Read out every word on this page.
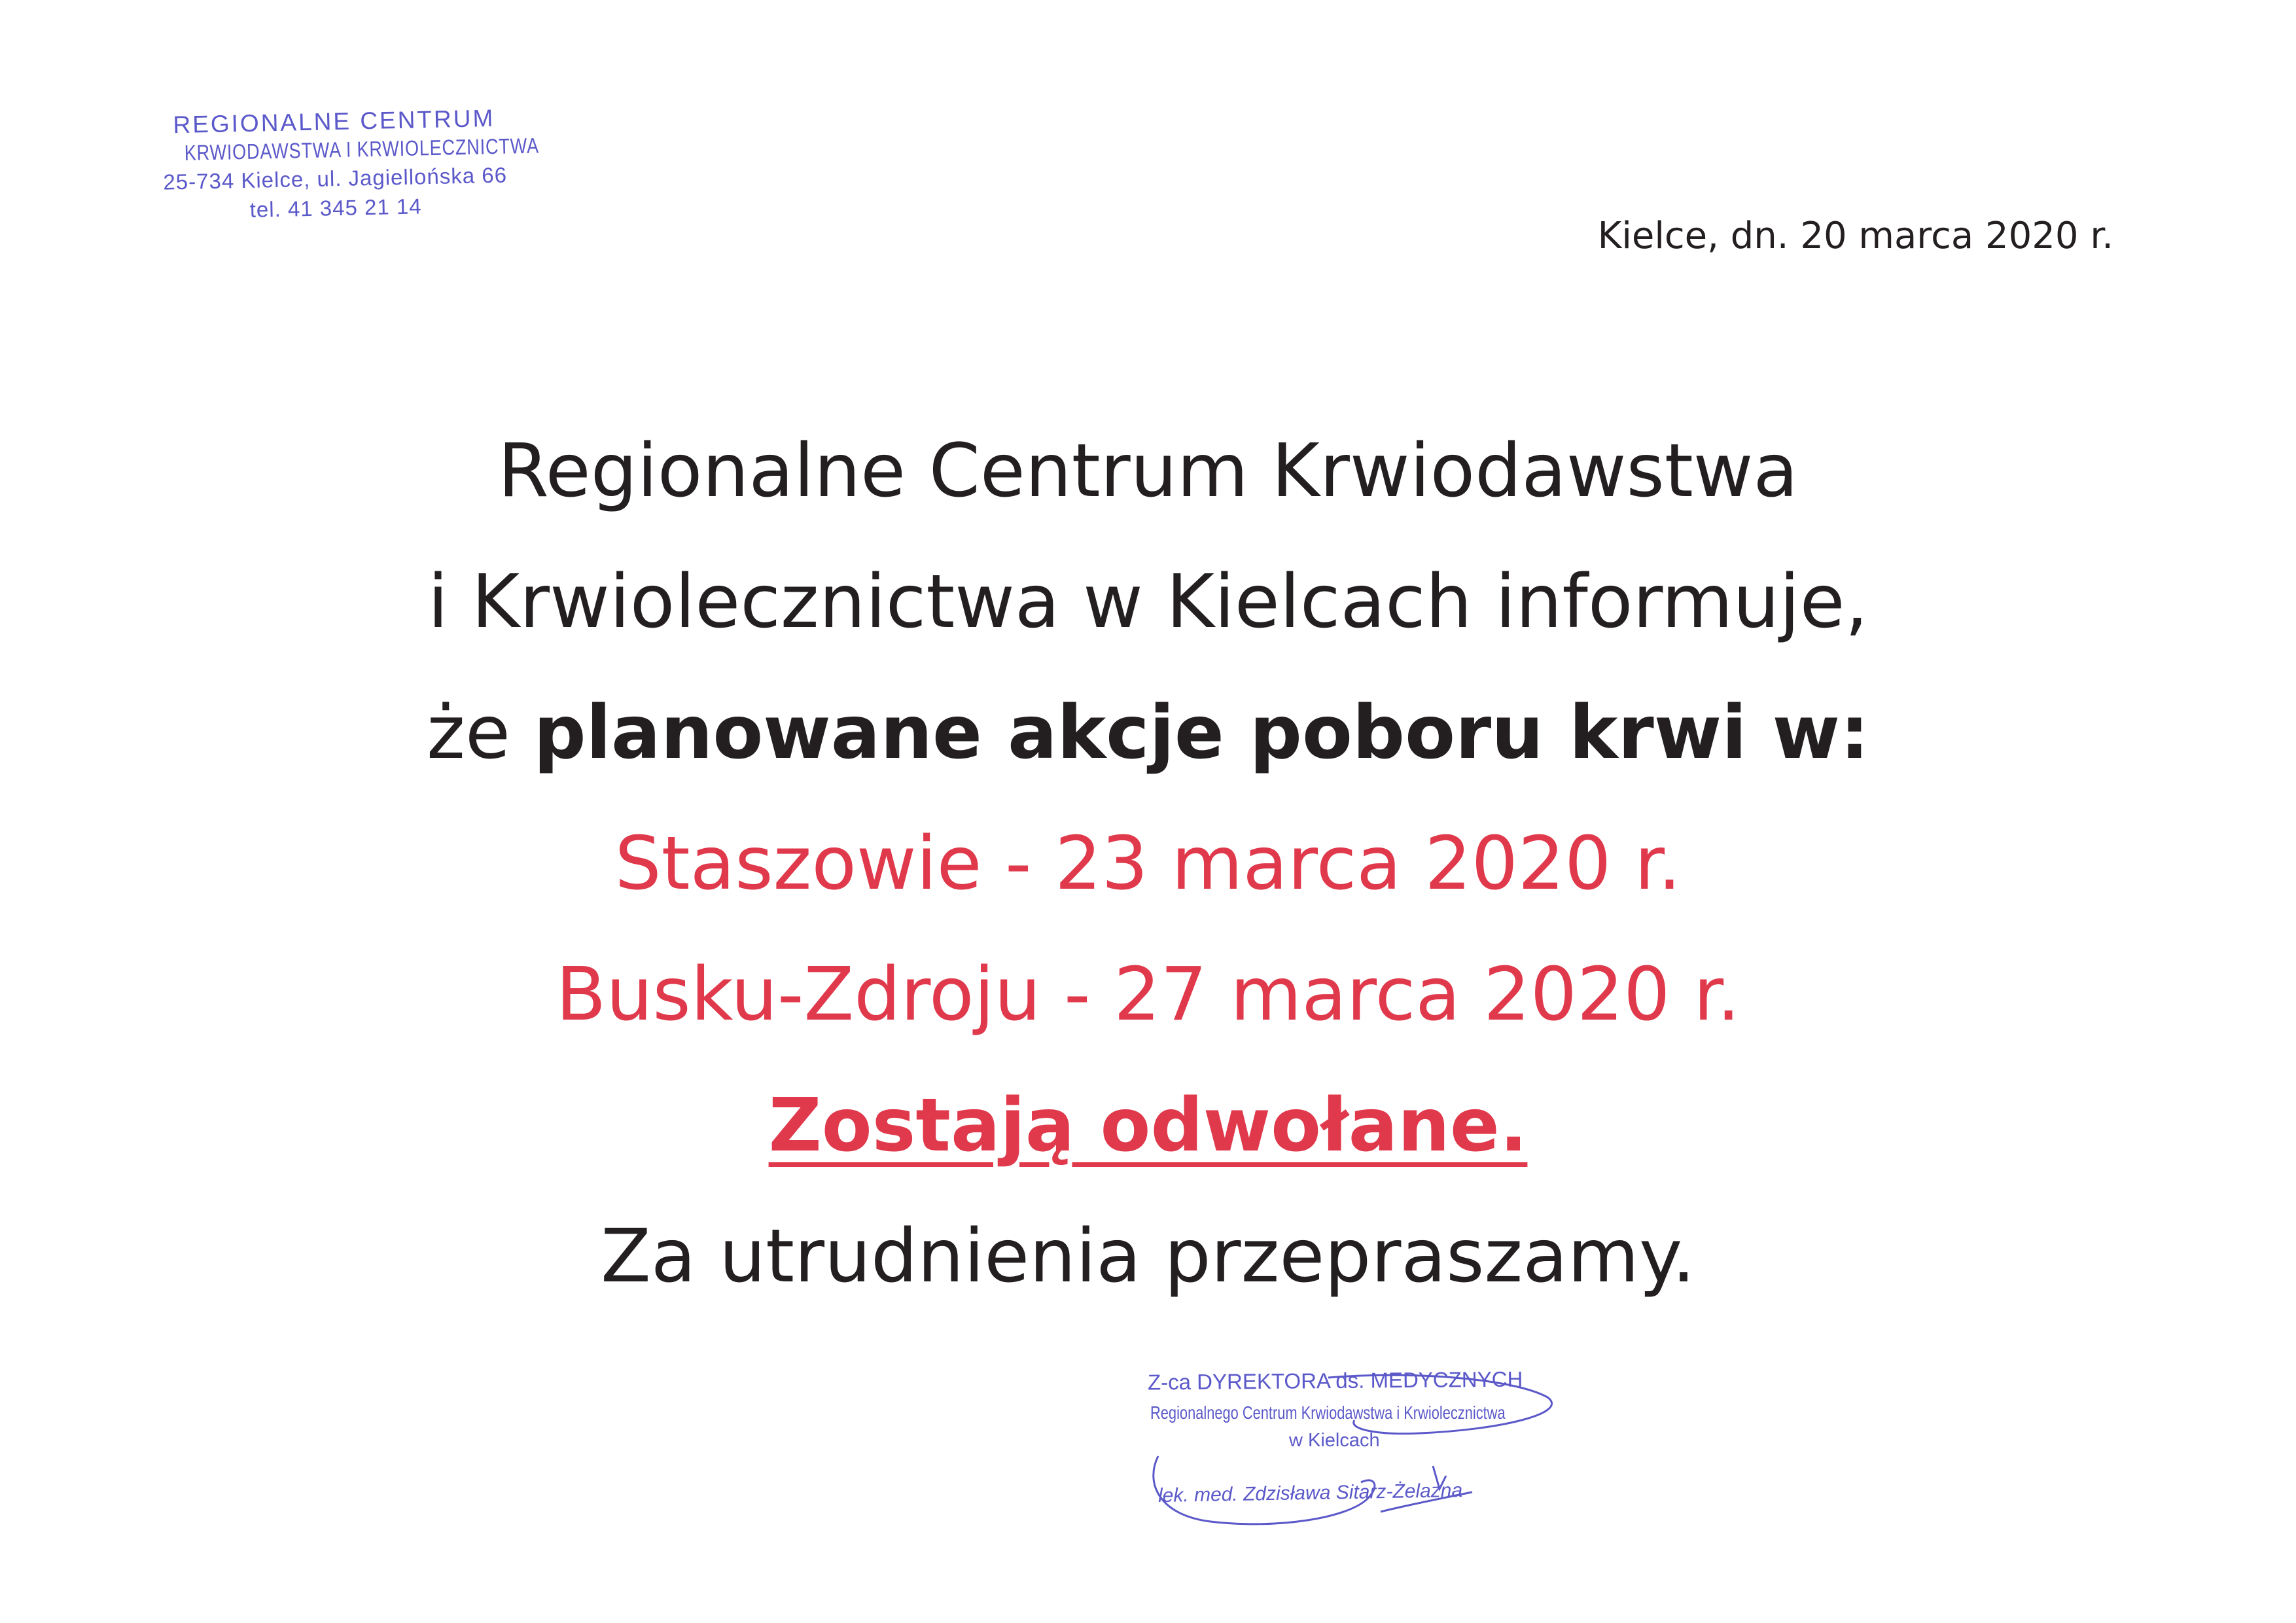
REGIONALNE CENTRUM
KRWIODAWSTWA I KRWIOLECZNICTWA
25-734 Kielce, ul. Jagiellońska 66
tel. 41 345 21 14
Kielce, dn. 20 marca 2020 r.
Regionalne Centrum Krwiodawstwa
i Krwiolecznictwa w Kielcach informuje,
że planowane akcje poboru krwi w:
Staszowie - 23 marca 2020 r.
Busku-Zdroju - 27 marca 2020 r.
Zostają odwołane.
Za utrudnienia przepraszamy.
Z-ca DYREKTORA ds. MEDYCZNYCH
Regionalnego Centrum Krwiodawstwa i Krwiolecznictwa
w Kielcach
lek. med. Zdzisława Sitarz-Żelazna
